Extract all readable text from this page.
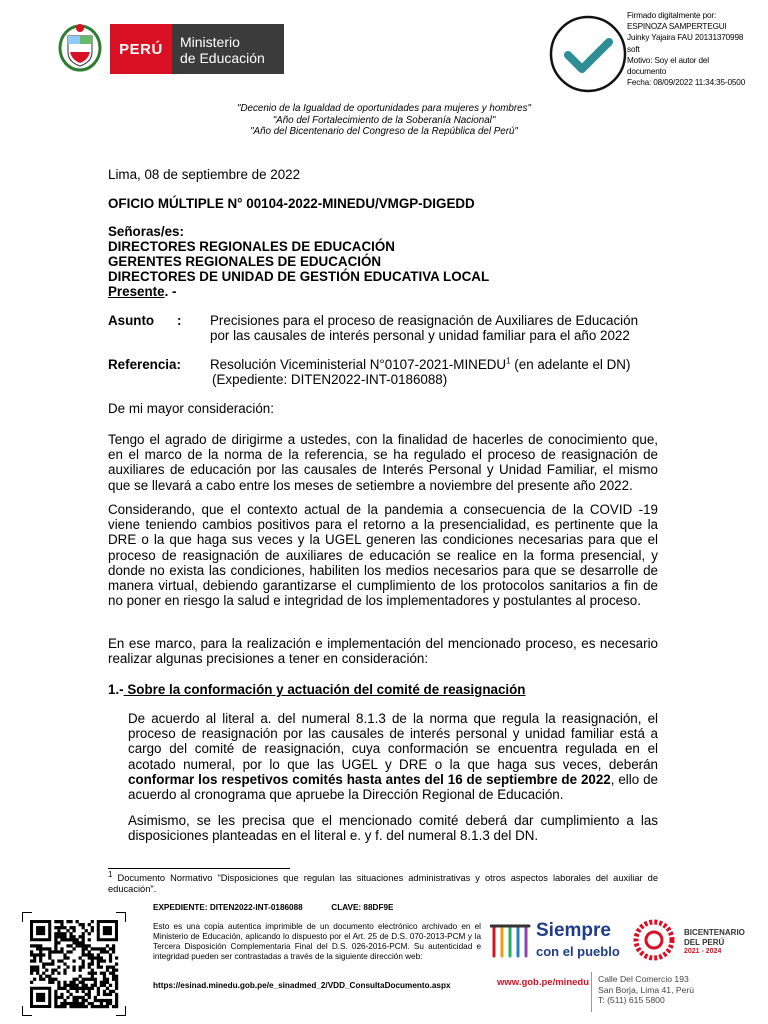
PERÚ Ministerio
de Educación
Firmado digitalmente por:
ESPINOZA SAMPERTEGUI
Juinky Yajaira FAU 20131370998
soft
Motivo: Soy el autor del
documento
Fecha: 08/09/2022 11:34:35-0500
"Decenio de la Igualdad de oportunidades para mujeres y hombres"
"Año del Fortalecimiento de la Soberanía Nacional"
"Año del Bicentenario del Congreso de la República del Perú"
Lima, 08 de septiembre de 2022
OFICIO MÚLTIPLE N° 00104-2022-MINEDU/VMGP-DIGEDD
Señoras/es:
DIRECTORES REGIONALES DE EDUCACIÓN
GERENTES REGIONALES DE EDUCACIÓN
DIRECTORES DE UNIDAD DE GESTIÓN EDUCATIVA LOCAL
Presente. -
Asunto : Precisiones para el proceso de reasignación de Auxiliares de Educación
por las causales de interés personal y unidad familiar para el año 2022
Referencia: Resolución Viceministerial N°0107-2021-MINEDU$^1$ (en adelante el DN)
(Expediente: DITEN2022-INT-0186088)
De mi mayor consideración:
Tengo el agrado de dirigirme a ustedes, con la finalidad de hacerles de conocimiento que, en el marco de la norma de la referencia, se ha regulado el proceso de reasignación de auxiliares de educación por las causales de Interés Personal y Unidad Familiar, el mismo que se llevará a cabo entre los meses de setiembre a noviembre del presente año 2022.
Considerando, que el contexto actual de la pandemia a consecuencia de la COVID -19 viene teniendo cambios positivos para el retorno a la presencialidad, es pertinente que la DRE o la que haga sus veces y la UGEL generen las condiciones necesarias para que el proceso de reasignación de auxiliares de educación se realice en la forma presencial, y donde no exista las condiciones, habiliten los medios necesarios para que se desarrolle de manera virtual, debiendo garantizarse el cumplimiento de los protocolos sanitarios a fin de no poner en riesgo la salud e integridad de los implementadores y postulantes al proceso.
En ese marco, para la realización e implementación del mencionado proceso, es necesario realizar algunas precisiones a tener en consideración:
1.- Sobre la conformación y actuación del comité de reasignación
De acuerdo al literal a. del numeral 8.1.3 de la norma que regula la reasignación, el proceso de reasignación por las causales de interés personal y unidad familiar está a cargo del comité de reasignación, cuya conformación se encuentra regulada en el acotado numeral, por lo que las UGEL y DRE o la que haga sus veces, deberán conformar los respetivos comités hasta antes del 16 de septiembre de 2022, ello de acuerdo al cronograma que apruebe la Dirección Regional de Educación.
Asimismo, se les precisa que el mencionado comité deberá dar cumplimiento a las disposiciones planteadas en el literal e. y f. del numeral 8.1.3 del DN.
$^1$ Documento Normativo "Disposiciones que regulan las situaciones administrativas y otros aspectos laborales del auxiliar de educación".
EXPEDIENTE: DITEN2022-INT-0186088	CLAVE: 88DF9E
Esto es una copia autentica imprimible de un documento electrónico archivado en el Ministerio de Educación, aplicando lo dispuesto por el Art. 25 de D.S. 070-2013-PCM y la Tercera Disposición Complementaria Final del D.S. 026-2016-PCM. Su autenticidad e integridad pueden ser contrastadas a través de la siguiente dirección web:
https://esinad.minedu.gob.pe/e_sinadmed_2/VDD_ConsultaDocumento.aspx
Siempre
con el pueblo
BICENTENARIO
DEL PERÚ
2021 - 2024
www.gob.pe/minedu Calle Del Comercio 193
San Borja, Lima 41, Perú
T: (511) 615 5800
